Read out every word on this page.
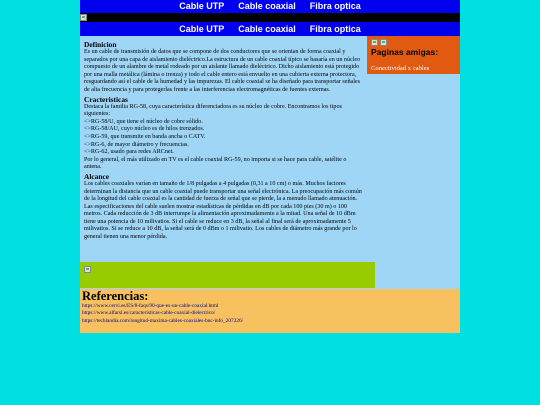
Cable UTP Cable coaxial Fibra optica
Cable UTP Cable coaxial Fibra optica
Paginas amigas:
Conectividad x cables
Definicion

Es un cable de transmisión de datos que se compone de dos conductores que se orientan de forma coaxial y separados por una capa de aislamiento dieléctrico.La estructura de un cable coaxial típico se basaría en un núcleo compuesto de un alambre de metal rodeado por un aislante llamado dieléctrico. Dicho aislamiento está protegido por una malla metálica (lámina o trenza) y todo el cable entero está envuelto en una cubierta externa protectora, resguardando así el cable de la humedad y las impurezas. El cable coaxial se ha diseñado para transportar señales de alta frecuencia y para protegerlas frente a las interferencias electromagnéticas de fuentes externas.

Cracteristicas

Destaca la familia RG-58, cuya característica diferenciadora es su núcleo de cobre. Encontramos los tipos siguientes:

<>RG-58/U, que tiene el núcleo de cobre sólido.

<>RG-58/AU, cuyo núcleo es de hilos trenzados.

<>RG-59, que transmite en banda ancha o CATV.

<>RG-6, de mayor diámetro y frecuencias.

<>RG-62, usado para redes ARCnet.

Por lo general, el más utilizado en TV es el cable coaxial RG-59, no importa si se hace para cable, satélite o antena.

Alcance

Los cables coaxiales varían en tamaño de 1/8 pulgadas a 4 pulgadas (0,31 a 10 cm) o más. Muchos factores determinan la distancia que un cable coaxial puede transportar una señal electrónica. La preocupación más común de la longitud del cable coaxial es la cantidad de fuerza de señal que se pierde, la a menudo llamado atenuación. Las especificaciones del cable suelen mostrar estadísticas de pérdidas en dB por cada 100 pies (30 m) o 100 metros. Cada reducción de 3 dB interrumpe la alimentación aproximadamente a la mitad. Una señal de 10 dBm tiene una potencia de 10 milivatios. Si el cable se reduce en 3 dB, la señal al final será de aproximadamente 5 milivatios. Si se reduce a 10 dB, la señal será de 0 dBm o 1 milivatio. Los cables de diámetro más grande por lo general tienen una menor pérdida.

Referencias:
https://www.cervi.es/ES/8-faqs/90-que-es-un-cable-coaxial.html
https://www.alfarsl.es/caracteristicas-cable-coaxial-dielectrico/
https://techlandia.com/longitud-maxima-cables-coaxiales-bnc-info_207226/
